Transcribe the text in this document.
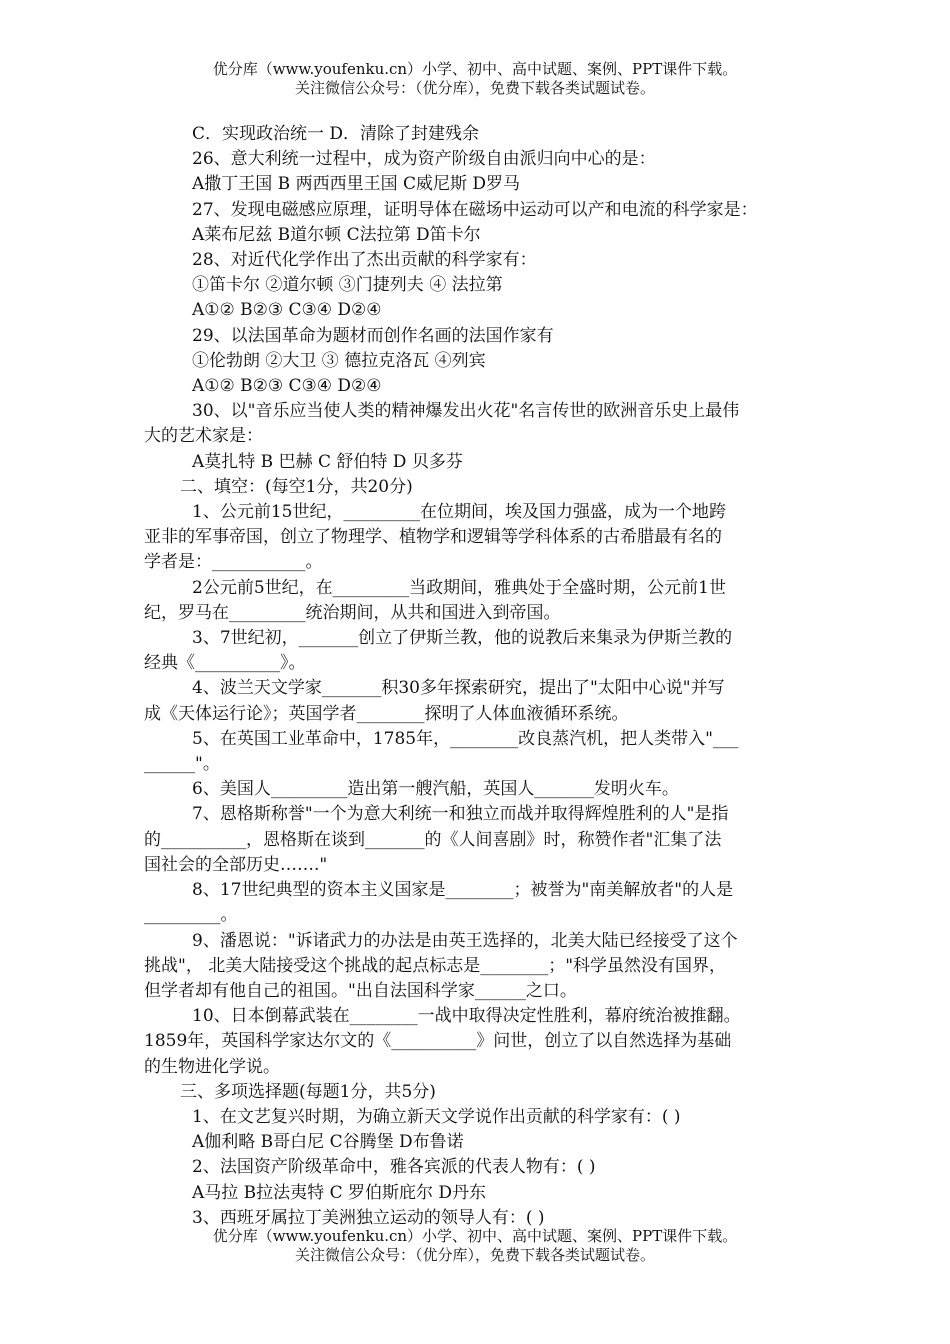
优分库（www.youfenku.cn）小学、初中、高中试题、案例、PPT课件下载。
关注微信公众号：（优分库），免费下载各类试题试卷。
C．实现政治统一 D．清除了封建残余
26、意大利统一过程中，成为资产阶级自由派归向中心的是：
A撒丁王国 B 两西西里王国 C威尼斯 D罗马
27、发现电磁感应原理，证明导体在磁场中运动可以产和电流的科学家是：
A莱布尼兹 B道尔顿 C法拉第 D笛卡尔
28、对近代化学作出了杰出贡献的科学家有：
①笛卡尔 ②道尔顿 ③门捷列夫 ④ 法拉第
A①② B②③ C③④ D②④
29、以法国革命为题材而创作名画的法国作家有
①伦勃朗 ②大卫 ③ 德拉克洛瓦 ④列宾
A①② B②③ C③④ D②④
30、以"音乐应当使人类的精神爆发出火花"名言传世的欧洲音乐史上最伟
大的艺术家是：
A莫扎特 B 巴赫 C 舒伯特 D 贝多芬
二、填空：(每空1分，共20分)
1、公元前15世纪，_________在位期间，埃及国力强盛，成为一个地跨
亚非的军事帝国，创立了物理学、植物学和逻辑等学科体系的古希腊最有名的
学者是：___________。
2公元前5世纪，在_________当政期间，雅典处于全盛时期，公元前1世
纪，罗马在_________统治期间，从共和国进入到帝国。
3、7世纪初，_______创立了伊斯兰教，他的说教后来集录为伊斯兰教的
经典《__________》。
4、波兰天文学家_______积30多年探索研究，提出了"太阳中心说"并写
成《天体运行论》；英国学者________探明了人体血液循环系统。
5、在英国工业革命中，1785年，________改良蒸汽机，把人类带入"___
______"。
6、美国人_________造出第一艘汽船，英国人_______发明火车。
7、恩格斯称誉"一个为意大利统一和独立而战并取得辉煌胜利的人"是指
的__________，恩格斯在谈到_______的《人间喜剧》时，称赞作者"汇集了法
国社会的全部历史……."
8、17世纪典型的资本主义国家是________；被誉为"南美解放者"的人是
_________。
9、潘恩说："诉诸武力的办法是由英王选择的，北美大陆已经接受了这个
挑战"， 北美大陆接受这个挑战的起点标志是________；"科学虽然没有国界，
但学者却有他自己的祖国。"出自法国科学家______之口。
10、日本倒幕武装在________一战中取得决定性胜利，幕府统治被推翻。
1859年，英国科学家达尔文的《__________》问世，创立了以自然选择为基础
的生物进化学说。
三、多项选择题(每题1分，共5分)
1、在文艺复兴时期，为确立新天文学说作出贡献的科学家有：( )
A伽利略 B哥白尼 C谷腾堡 D布鲁诺
2、法国资产阶级革命中，雅各宾派的代表人物有：( )
A马拉 B拉法夷特 C 罗伯斯庇尔 D丹东
3、西班牙属拉丁美洲独立运动的领导人有：( )
优分库（www.youfenku.cn）小学、初中、高中试题、案例、PPT课件下载。
关注微信公众号：（优分库），免费下载各类试题试卷。
